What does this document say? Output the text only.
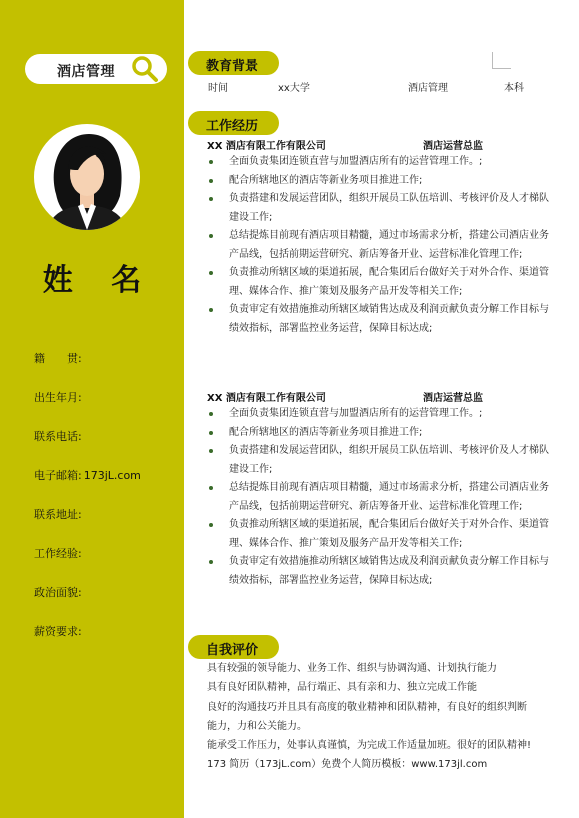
酒店管理
姓 名
籍　　贯:
出生年月:
联系电话:
电子邮箱: 173jL.com
联系地址:
工作经验:
政治面貌:
薪资要求:
教育背景
时间	xx大学	酒店管理	本科
工作经历
XX 酒店有限工作有限公司	酒店运营总监
全面负责集团连锁直营与加盟酒店所有的运营管理工作。;
配合所辖地区的酒店等新业务项目推进工作;
负责搭建和发展运营团队，组织开展员工队伍培训、考核评价及人才梯队建设工作;
总结提炼目前现有酒店项目精髓，通过市场需求分析，搭建公司酒店业务产品线，包括前期运营研究、新店筹备开业、运营标准化管理工作;
负责推动所辖区域的渠道拓展，配合集团后台做好关于对外合作、渠道管理、媒体合作、推广策划及服务产品开发等相关工作;
负责审定有效措施推动所辖区域销售达成及利润贡献负责分解工作目标与绩效指标，部署监控业务运营，保障目标达成;
XX 酒店有限工作有限公司	酒店运营总监
全面负责集团连锁直营与加盟酒店所有的运营管理工作。;
配合所辖地区的酒店等新业务项目推进工作;
负责搭建和发展运营团队，组织开展员工队伍培训、考核评价及人才梯队建设工作;
总结提炼目前现有酒店项目精髓，通过市场需求分析，搭建公司酒店业务产品线，包括前期运营研究、新店筹备开业、运营标准化管理工作;
负责推动所辖区域的渠道拓展，配合集团后台做好关于对外合作、渠道管理、媒体合作、推广策划及服务产品开发等相关工作;
负责审定有效措施推动所辖区域销售达成及利润贡献负责分解工作目标与绩效指标，部署监控业务运营，保障目标达成;
自我评价
具有较强的领导能力、业务工作、组织与协调沟通、计划执行能力
具有良好团队精神，品行端正、具有亲和力、独立完成工作能
良好的沟通技巧并且具有高度的敬业精神和团队精神，有良好的组织判断
能力，力和公关能力。
能承受工作压力，处事认真谨慎，为完成工作适量加班。很好的团队精神!
173 简历（173jL.com）免费个人简历模板：www.173jl.com
